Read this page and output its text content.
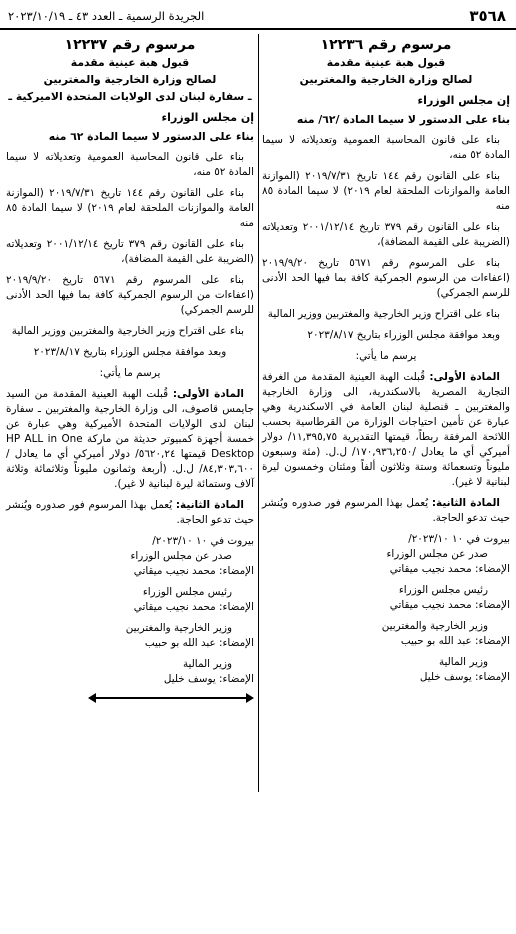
٣٥٦٨
الجريدة الرسمية ـ العدد ٤٣ ـ ٢٠٢٣/١٠/١٩
مرسوم رقم ١٢٢٣٦
قبول هبة عينية مقدمة
لصالح وزارة الخارجية والمغتربين
إن مجلس الوزراء
بناء على الدستور لا سيما المادة /٦٢/ منه

بناء على قانون المحاسبة العمومية وتعديلاته لا سيما المادة ٥٢ منه،

بناء على القانون رقم ١٤٤ تاريخ ٢٠١٩/٧/٣١ (الموازنة العامة والموازنات الملحقة لعام ٢٠١٩) لا سيما المادة ٨٥ منه

بناء على القانون رقم ٣٧٩ تاريخ ٢٠٠١/١٢/١٤ وتعديلاته (الضريبة على القيمة المضافة)،

بناء على المرسوم رقم ٥٦٧١ تاريخ ٢٠١٩/٩/٢٠ (اعفاءات من الرسوم الجمركية كافة بما فيها الحد الأدنى للرسم الجمركي)

بناء على اقتراح وزير الخارجية والمغتربين ووزير المالية

وبعد موافقة مجلس الوزراء بتاريخ ٢٠٢٣/٨/١٧

يرسم ما يأتي:

المادة الأولى: قُبلت الهبة العينية المقدمة من الغرفة التجارية المصرية بالاسكندرية، الى وزارة الخارجية والمغتربين ـ قنصلية لبنان العامة في الاسكندرية وهي عبارة عن تأمين احتياجات الوزارة من القرطاسية بحسب اللائحة المرفقة ربطاً، قيمتها التقديرية ١١,٣٩٥,٧٥/ دولار أميركي أي ما يعادل /١٧٠,٩٣٦,٢٥٠/ ل.ل. (مئة وسبعون مليوناً وتسعمائة وستة وثلاثون ألفاً ومئتان وخمسون ليرة لبنانية لا غير).

المادة الثانية: يُعمل بهذا المرسوم فور صدوره ويُنشر حيث تدعو الحاجة.

بيروت في ١٠ ٢٠٢٣/١٠/
صدر عن مجلس الوزراء
الإمضاء: محمد نجيب ميقاتي
رئيس مجلس الوزراء
الإمضاء: محمد نجيب ميقاتي
وزير الخارجية والمغتربين
الإمضاء: عبد الله بو حبيب
وزير المالية
الإمضاء: يوسف خليل
مرسوم رقم ١٢٢٣٧
قبول هبة عينية مقدمة
لصالح وزارة الخارجية والمغتربين
ـ سفارة لبنان لدى الولايات المتحدة الاميركية ـ
إن مجلس الوزراء
بناء على الدستور لا سيما المادة ٦٢ منه

بناء على قانون المحاسبة العمومية وتعديلاته لا سيما المادة ٥٢ منه،

بناء على القانون رقم ١٤٤ تاريخ ٢٠١٩/٧/٣١ (الموازنة العامة والموازنات الملحقة لعام ٢٠١٩) لا سيما المادة ٨٥ منه

بناء على القانون رقم ٣٧٩ تاريخ ٢٠٠١/١٢/١٤ وتعديلاته (الضريبة على القيمة المضافة)،

بناء على المرسوم رقم ٥٦٧١ تاريخ ٢٠١٩/٩/٢٠ (اعفاءات من الرسوم الجمركية كافة بما فيها الحد الأدنى للرسم الجمركي)

بناء على اقتراح وزير الخارجية والمغتربين ووزير المالية

وبعد موافقة مجلس الوزراء بتاريخ ٢٠٢٣/٨/١٧
يرسم ما يأتي:

المادة الأولى: قُبلت الهبة العينية المقدمة من السيد جايمس قاصوف، الى وزارة الخارجية والمغتربين ـ سفارة لبنان لدى الولايات المتحدة الأميركية وهي عبارة عن خمسة أجهزة كمبيوتر حديثة من ماركة HP ALL in One Desktop قيمتها ٥٦٢٠,٢٤/ دولار أميركي أي ما يعادل /٨٤,٣٠٣,٦٠٠/ ل.ل. (أربعة وثمانون مليوناً وثلاثمائة وثلاثة آلاف وستمائة ليرة لبنانية لا غير).

المادة الثانية: يُعمل بهذا المرسوم فور صدوره ويُنشر حيث تدعو الحاجة.

بيروت في ١٠ ٢٠٢٣/١٠/
صدر عن مجلس الوزراء
الإمضاء: محمد نجيب ميقاتي
رئيس مجلس الوزراء
الإمضاء: محمد نجيب ميقاتي
وزير الخارجية والمغتربين
الإمضاء: عبد الله بو حبيب
وزير المالية
الإمضاء: يوسف خليل
